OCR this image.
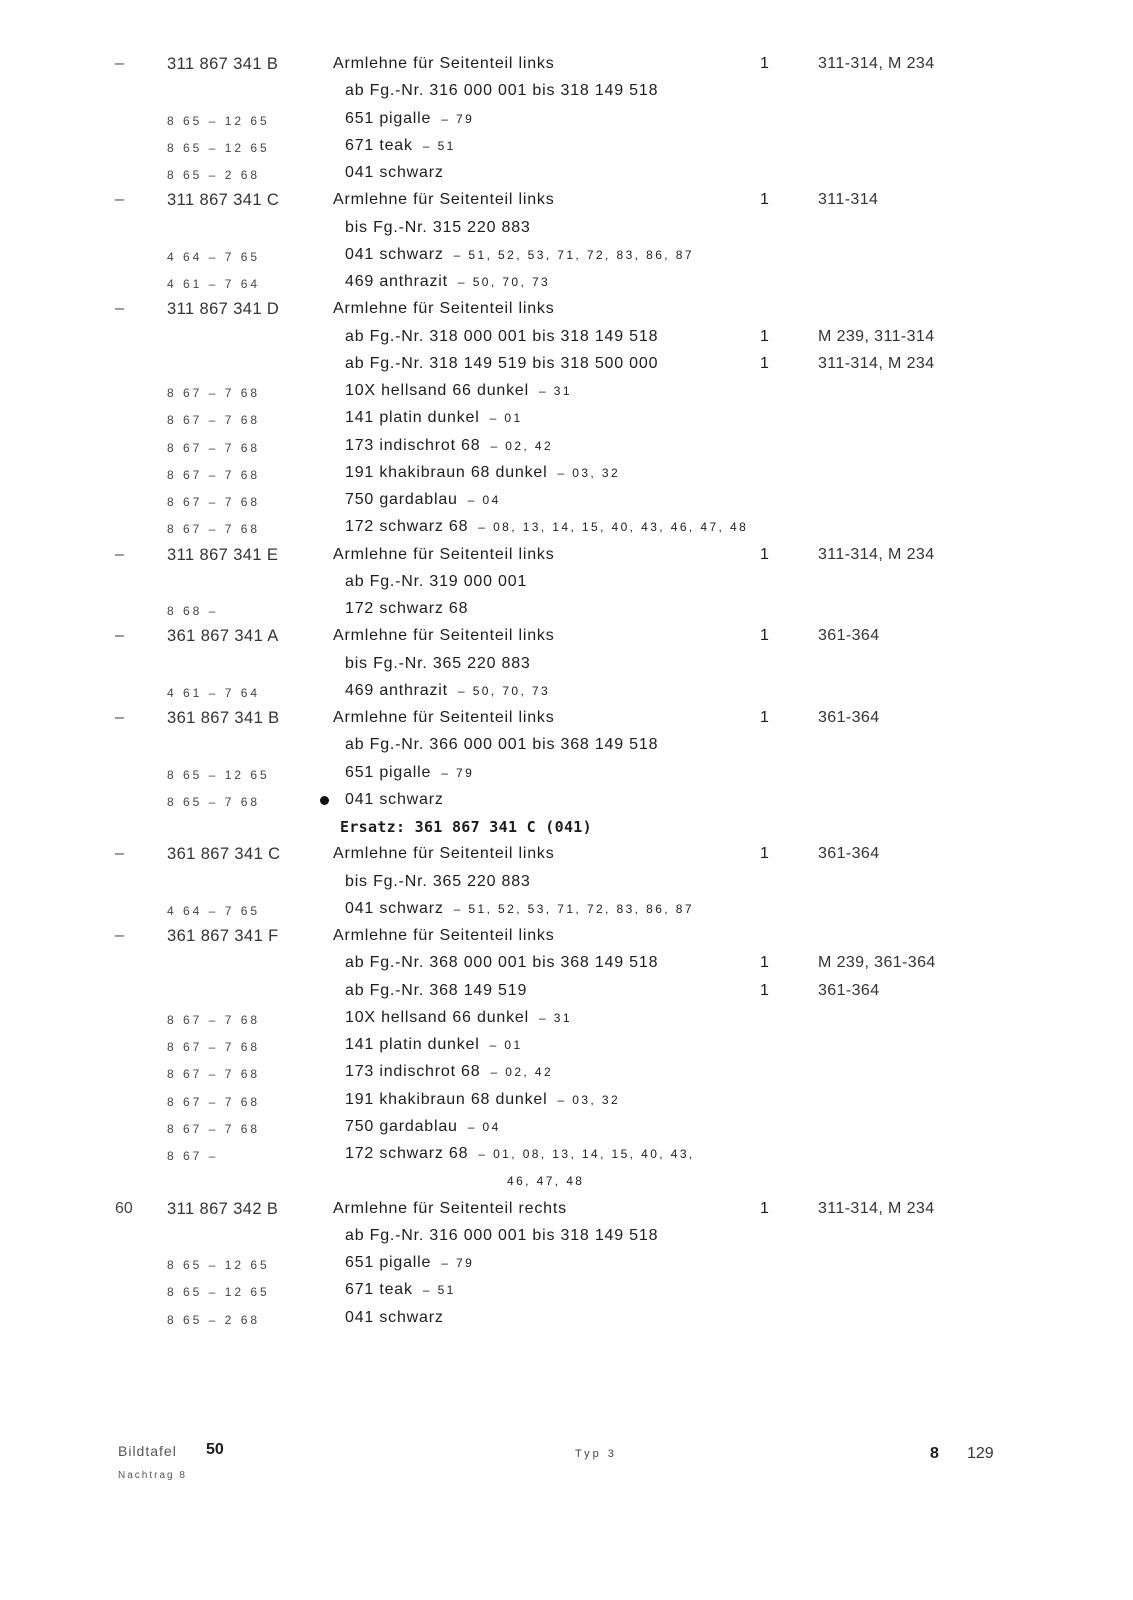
–	311 867 341 B	Armlehne für Seitenteil links	1	311-314, M 234
ab Fg.-Nr. 316 000 001 bis 318 149 518
8 65 – 12 65	651 pigalle – 79
8 65 – 12 65	671 teak – 51
8 65 – 2 68	041 schwarz
–	311 867 341 C	Armlehne für Seitenteil links	1	311-314
bis Fg.-Nr. 315 220 883
4 64 – 7 65	041 schwarz – 51, 52, 53, 71, 72, 83, 86, 87
4 61 – 7 64	469 anthrazit – 50, 70, 73
–	311 867 341 D	Armlehne für Seitenteil links
ab Fg.-Nr. 318 000 001 bis 318 149 518	1	M 239, 311-314
ab Fg.-Nr. 318 149 519 bis 318 500 000	1	311-314, M 234
8 67 – 7 68	10X hellsand 66 dunkel – 31
8 67 – 7 68	141 platin dunkel – 01
8 67 – 7 68	173 indischrot 68 – 02, 42
8 67 – 7 68	191 khakibraun 68 dunkel – 03, 32
8 67 – 7 68	750 gardablau – 04
8 67 – 7 68	172 schwarz 68 – 08, 13, 14, 15, 40, 43, 46, 47, 48
–	311 867 341 E	Armlehne für Seitenteil links	1	311-314, M 234
ab Fg.-Nr. 319 000 001
8 68 –	172 schwarz 68
–	361 867 341 A	Armlehne für Seitenteil links	1	361-364
bis Fg.-Nr. 365 220 883
4 61 – 7 64	469 anthrazit – 50, 70, 73
–	361 867 341 B	Armlehne für Seitenteil links	1	361-364
ab Fg.-Nr. 366 000 001 bis 368 149 518
8 65 – 12 65	651 pigalle – 79
8 65 – 7 68	041 schwarz
Ersatz: 361 867 341 C (041)
–	361 867 341 C	Armlehne für Seitenteil links	1	361-364
bis Fg.-Nr. 365 220 883
4 64 – 7 65	041 schwarz – 51, 52, 53, 71, 72, 83, 86, 87
–	361 867 341 F	Armlehne für Seitenteil links
ab Fg.-Nr. 368 000 001 bis 368 149 518	1	M 239, 361-364
ab Fg.-Nr. 368 149 519	1	361-364
8 67 – 7 68	10X hellsand 66 dunkel – 31
8 67 – 7 68	141 platin dunkel – 01
8 67 – 7 68	173 indischrot 68 – 02, 42
8 67 – 7 68	191 khakibraun 68 dunkel – 03, 32
8 67 – 7 68	750 gardablau – 04
8 67 –	172 schwarz 68 – 01, 08, 13, 14, 15, 40, 43,
46, 47, 48
60	311 867 342 B	Armlehne für Seitenteil rechts	1	311-314, M 234
ab Fg.-Nr. 316 000 001 bis 318 149 518
8 65 – 12 65	651 pigalle – 79
8 65 – 12 65	671 teak – 51
8 65 – 2 68	041 schwarz
Bildtafel 50
Nachtrag 8
Typ 3	8 129
